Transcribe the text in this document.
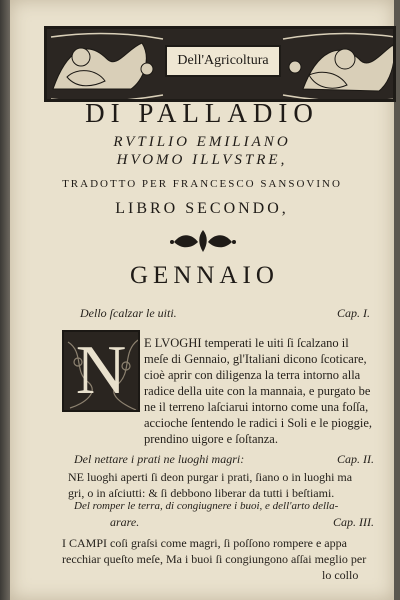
Dell'Agricoltura
DI PALLADIO
RVTILIO EMILIANO
HVOMO ILLVSTRE,
TRADOTTO PER FRANCESCO SANSOVINO
LIBRO SECONDO,
GENNAIO
Dello ſcalzar le uiti.	Cap. I.
N	E LVOGHI temperati le uiti ſi ſcalzano il
meſe di Gennaio, gl'Italiani dicono ſcoticare,
cioè aprir con diligenza la terra intorno alla
radice della uite con la mannaia, e purgato be
ne il terreno laſciarui intorno come una foſſa,
accioche ſentendo le radici i Soli e le pioggie,
prendino uigore e ſoſtanza.
Del nettare i prati ne luoghi magri:	Cap. II.
NE luoghi aperti ſi deon purgar i prati, ſiano o in luoghi ma
gri, o in aſciutti: & ſi debbono liberar da tutti i beſtiami.
Del romper le terra, di congiugnere i buoi, e dell'arto della-
arare.	Cap. III.
I CAMPI coſi graſsi come magri, ſi poſſono rompere e appa
recchiar queſto meſe, Ma i buoi ſi congiungono aſſai meglio per
lo collo
